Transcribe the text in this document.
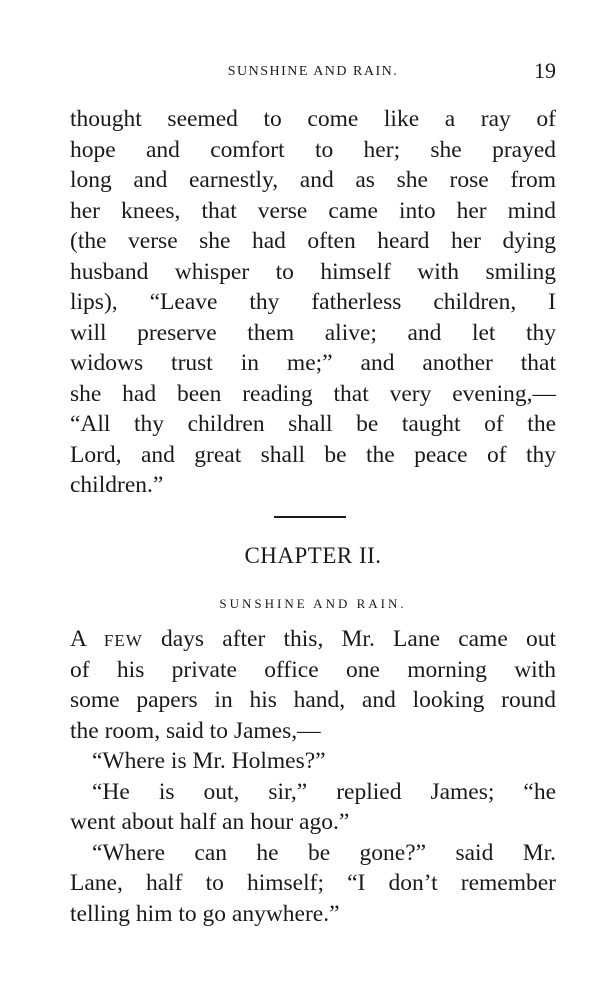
SUNSHINE AND RAIN.	19
thought seemed to come like a ray of
hope and comfort to her; she prayed
long and earnestly, and as she rose from
her knees, that verse came into her mind
(the verse she had often heard her dying
husband whisper to himself with smiling
lips), “Leave thy fatherless children, I
will preserve them alive; and let thy
widows trust in me;” and another that
she had been reading that very evening,—
“All thy children shall be taught of the
Lord, and great shall be the peace of thy
children.”
CHAPTER II.
SUNSHINE AND RAIN.
A FEW days after this, Mr. Lane came out
of his private office one morning with
some papers in his hand, and looking round
the room, said to James,—
“Where is Mr. Holmes?”
“He is out, sir,” replied James; “he
went about half an hour ago.”
“Where can he be gone?” said Mr.
Lane, half to himself; “I don’t remember
telling him to go anywhere.”
